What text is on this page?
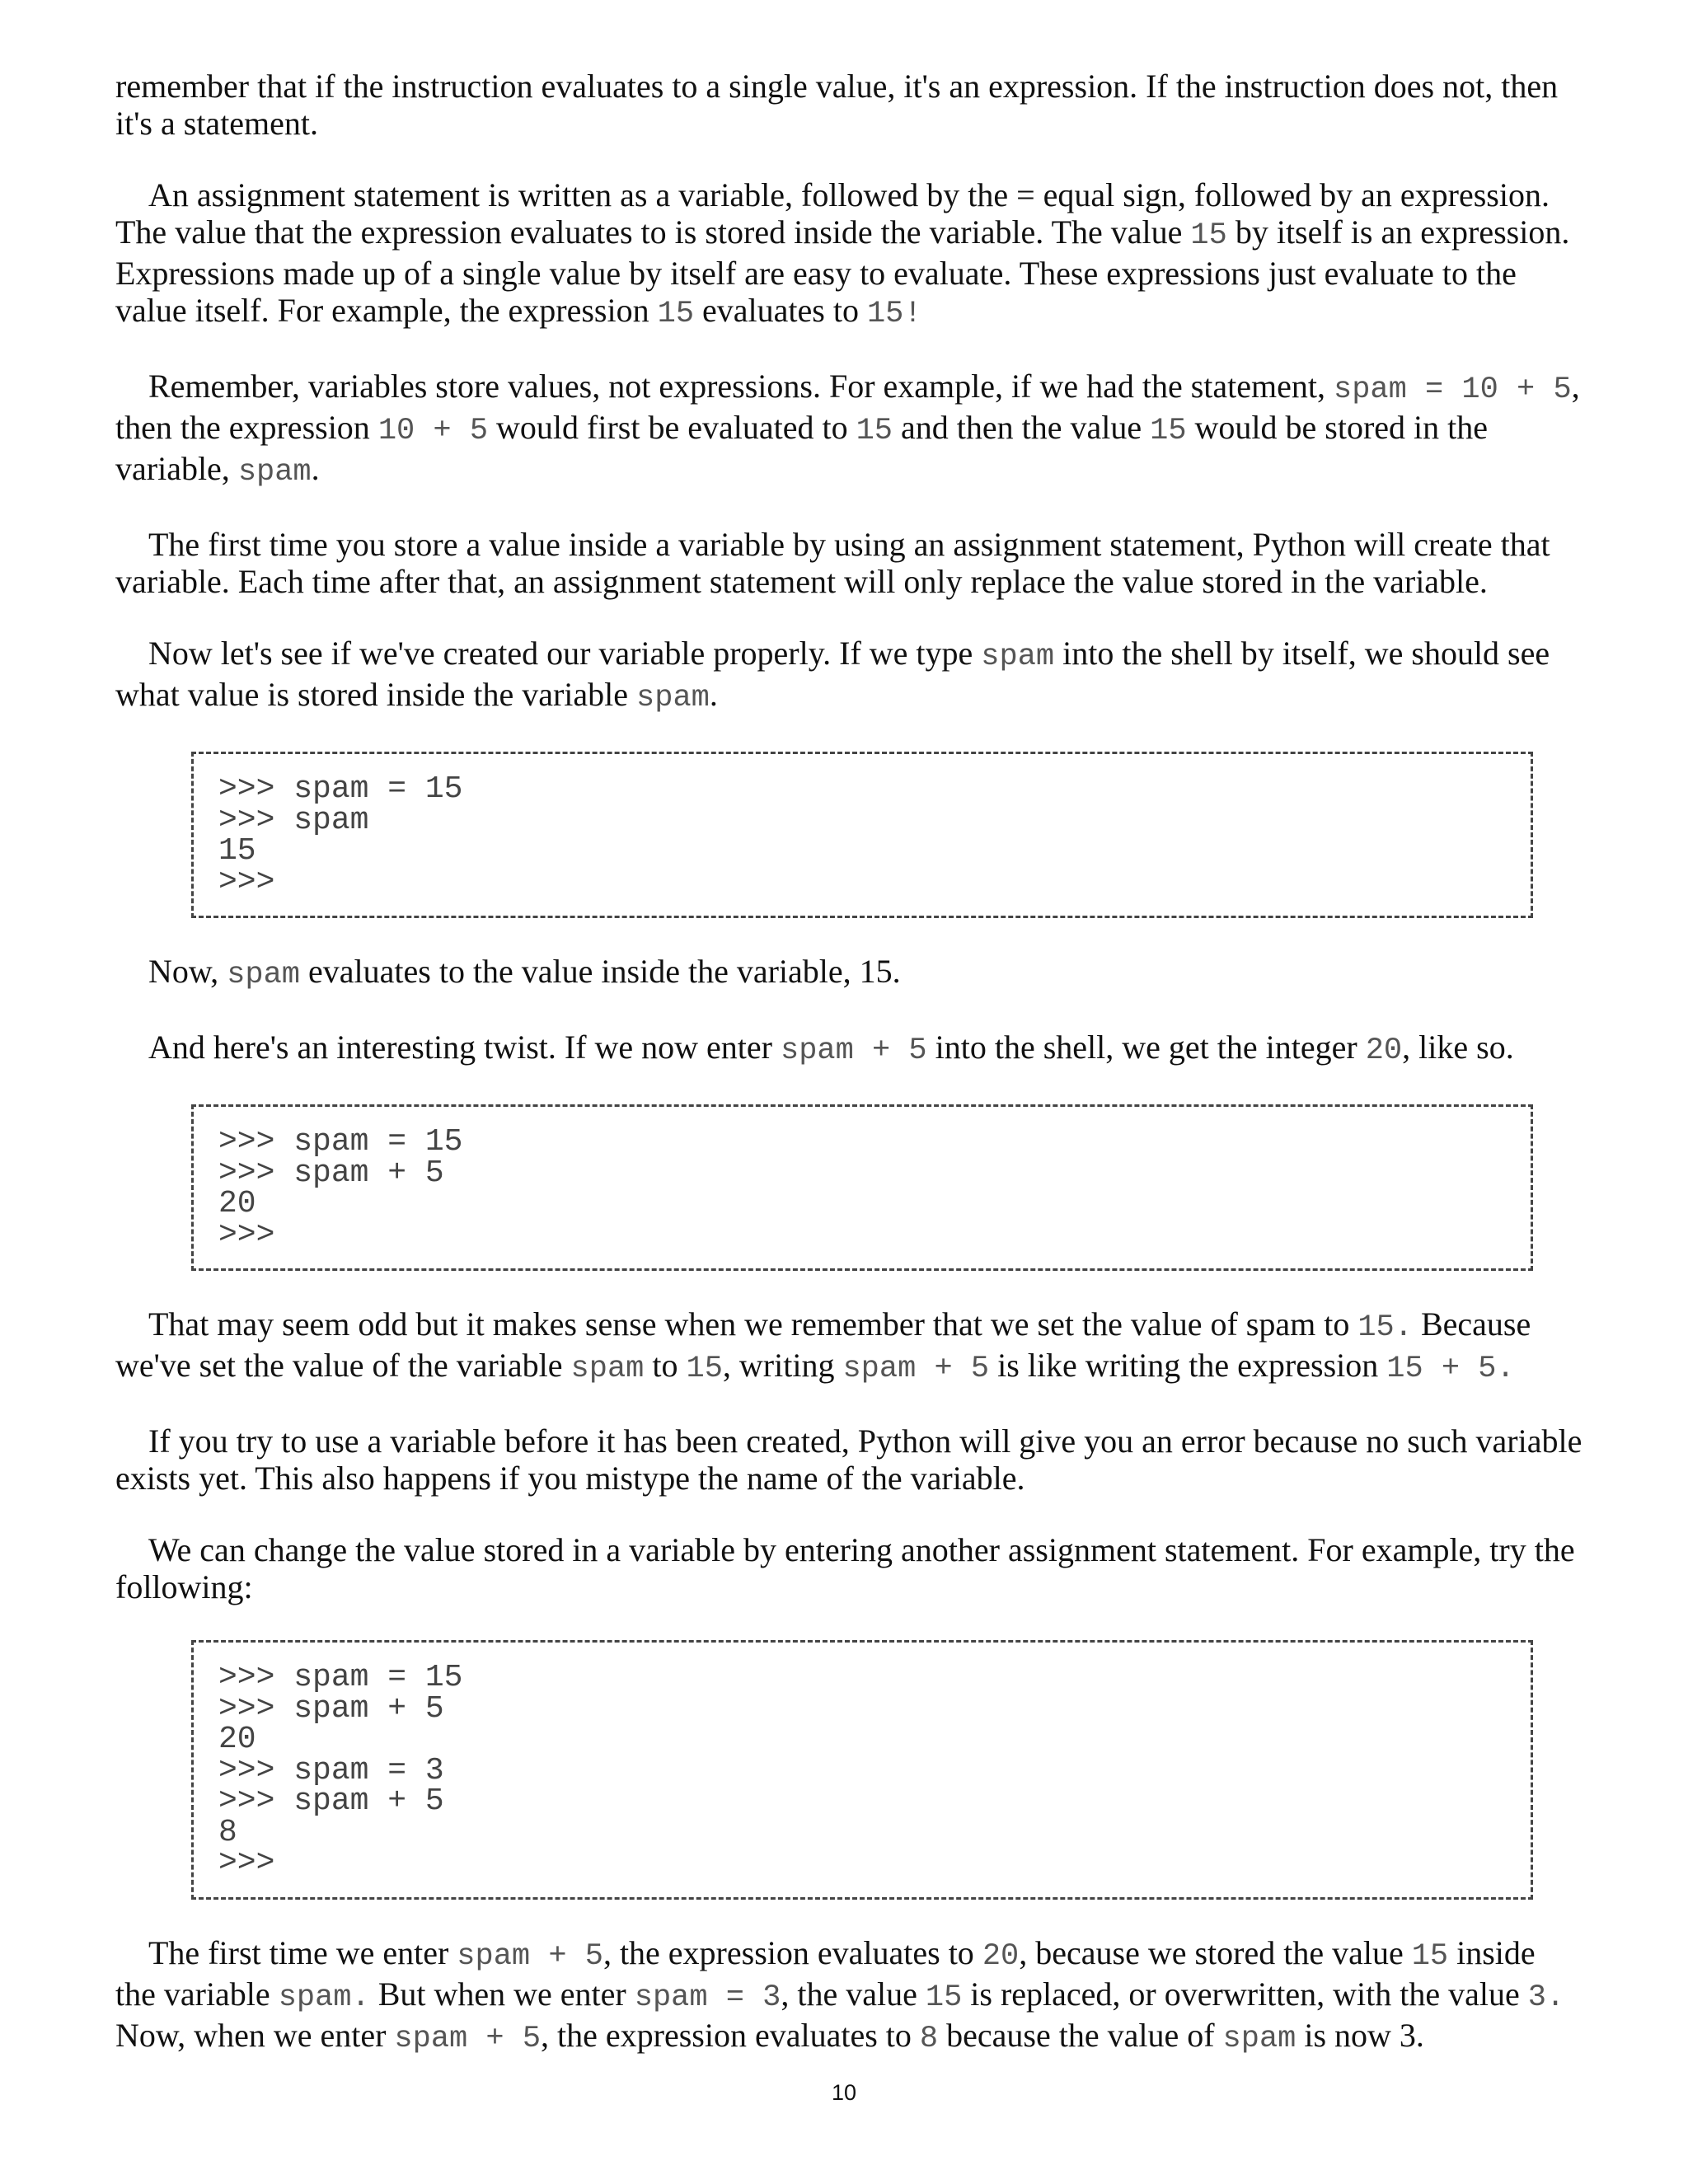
remember that if the instruction evaluates to a single value, it's an expression. If the instruction does not, then it's a statement.

An assignment statement is written as a variable, followed by the = equal sign, followed by an expression. The value that the expression evaluates to is stored inside the variable. The value 15 by itself is an expression. Expressions made up of a single value by itself are easy to evaluate. These expressions just evaluate to the value itself. For example, the expression 15 evaluates to 15!

Remember, variables store values, not expressions. For example, if we had the statement, spam = 10 + 5, then the expression 10 + 5 would first be evaluated to 15 and then the value 15 would be stored in the variable, spam.

The first time you store a value inside a variable by using an assignment statement, Python will create that variable. Each time after that, an assignment statement will only replace the value stored in the variable.

Now let's see if we've created our variable properly. If we type spam into the shell by itself, we should see what value is stored inside the variable spam.

>>> spam = 15
>>> spam
15
>>>

Now, spam evaluates to the value inside the variable, 15.

And here's an interesting twist. If we now enter spam + 5 into the shell, we get the integer 20, like so.

>>> spam = 15
>>> spam + 5
20
>>>

That may seem odd but it makes sense when we remember that we set the value of spam to 15. Because we've set the value of the variable spam to 15, writing spam + 5 is like writing the expression 15 + 5.

If you try to use a variable before it has been created, Python will give you an error because no such variable exists yet. This also happens if you mistype the name of the variable.

We can change the value stored in a variable by entering another assignment statement. For example, try the following:

>>> spam = 15
>>> spam + 5
20
>>> spam = 3
>>> spam + 5
8
>>>

The first time we enter spam + 5, the expression evaluates to 20, because we stored the value 15 inside the variable spam. But when we enter spam = 3, the value 15 is replaced, or overwritten, with the value 3. Now, when we enter spam + 5, the expression evaluates to 8 because the value of spam is now 3.

10
